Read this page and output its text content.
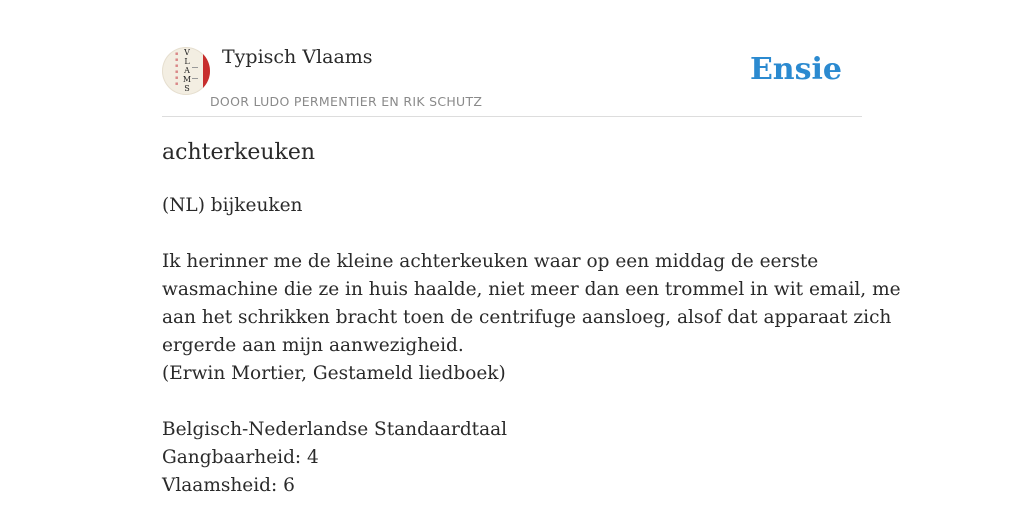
▪
▪
▪
▪
▪
▪
V
L
A
M
S
Typisch Vlaams
DOOR LUDO PERMENTIER EN RIK SCHUTZ
Ensie
achterkeuken
(NL) bijkeuken
Ik herinner me de kleine achterkeuken waar op een middag de eerste
wasmachine die ze in huis haalde, niet meer dan een trommel in wit email, me
aan het schrikken bracht toen de centrifuge aansloeg, alsof dat apparaat zich
ergerde aan mijn aanwezigheid.
(Erwin Mortier, Gestameld liedboek)
Belgisch-Nederlandse Standaardtaal
Gangbaarheid: 4
Vlaamsheid: 6
